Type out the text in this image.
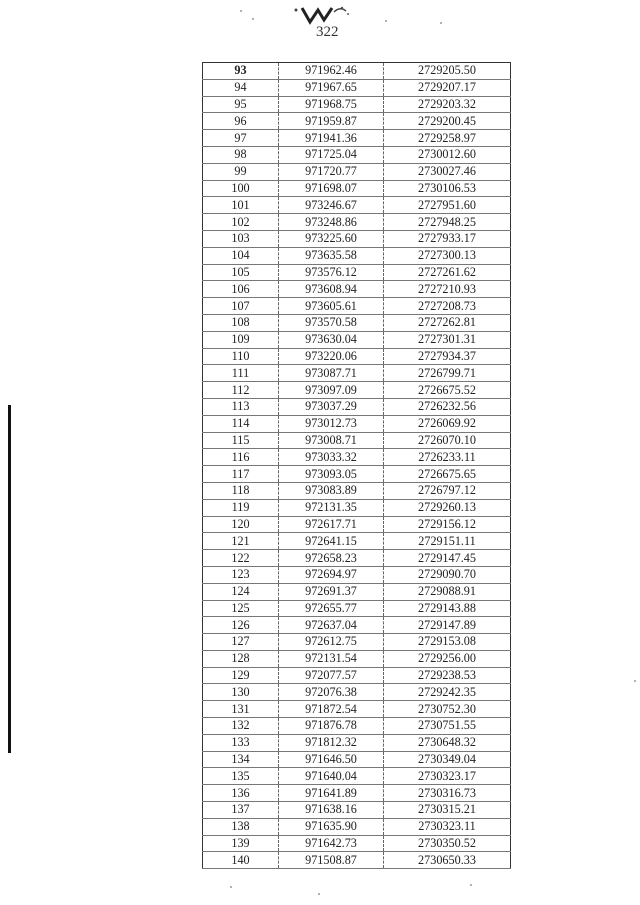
322
93	971962.46	2729205.50
94	971967.65	2729207.17
95	971968.75	2729203.32
96	971959.87	2729200.45
97	971941.36	2729258.97
98	971725.04	2730012.60
99	971720.77	2730027.46
100	971698.07	2730106.53
101	973246.67	2727951.60
102	973248.86	2727948.25
103	973225.60	2727933.17
104	973635.58	2727300.13
105	973576.12	2727261.62
106	973608.94	2727210.93
107	973605.61	2727208.73
108	973570.58	2727262.81
109	973630.04	2727301.31
110	973220.06	2727934.37
111	973087.71	2726799.71
112	973097.09	2726675.52
113	973037.29	2726232.56
114	973012.73	2726069.92
115	973008.71	2726070.10
116	973033.32	2726233.11
117	973093.05	2726675.65
118	973083.89	2726797.12
119	972131.35	2729260.13
120	972617.71	2729156.12
121	972641.15	2729151.11
122	972658.23	2729147.45
123	972694.97	2729090.70
124	972691.37	2729088.91
125	972655.77	2729143.88
126	972637.04	2729147.89
127	972612.75	2729153.08
128	972131.54	2729256.00
129	972077.57	2729238.53
130	972076.38	2729242.35
131	971872.54	2730752.30
132	971876.78	2730751.55
133	971812.32	2730648.32
134	971646.50	2730349.04
135	971640.04	2730323.17
136	971641.89	2730316.73
137	971638.16	2730315.21
138	971635.90	2730323.11
139	971642.73	2730350.52
140	971508.87	2730650.33
